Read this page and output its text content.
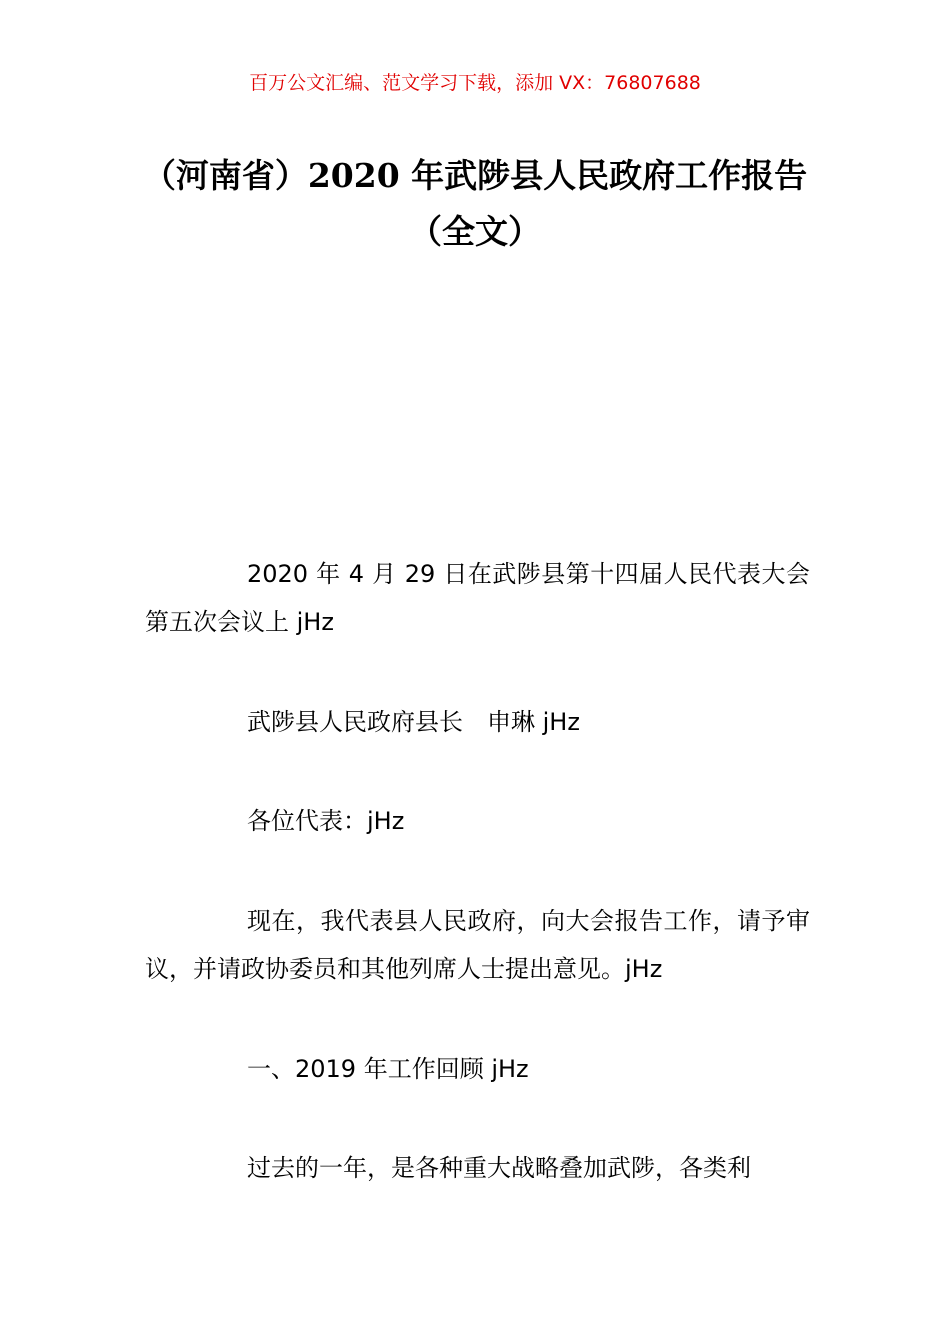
百万公文汇编、范文学习下载，添加 VX：76807688
（河南省）2020 年武陟县人民政府工作报告（全文）

2020 年 4 月 29 日在武陟县第十四届人民代表大会第五次会议上 jHz

武陟县人民政府县长　申琳 jHz

各位代表：jHz

现在，我代表县人民政府，向大会报告工作，请予审议，并请政协委员和其他列席人士提出意见。jHz

一、2019 年工作回顾 jHz

过去的一年，是各种重大战略叠加武陟，各类利
